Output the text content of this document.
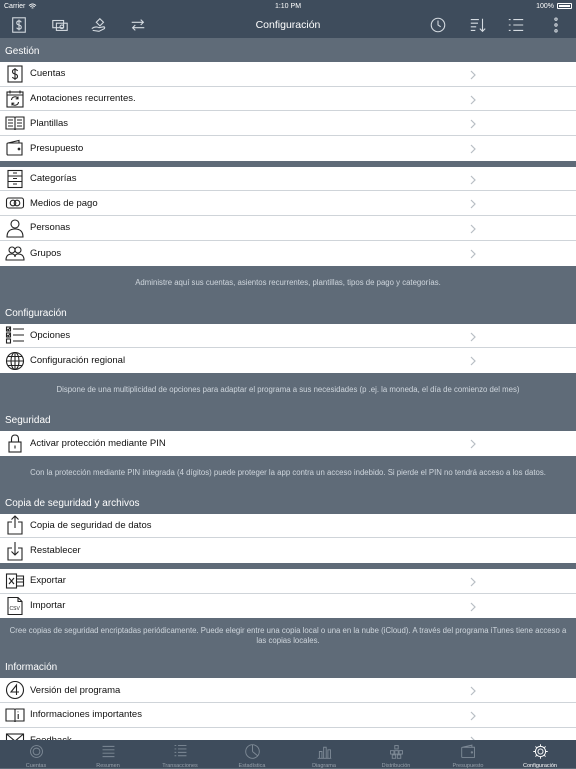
Carrier	1:10 PM	100%
Configuración
Gestión
Cuentas
Anotaciones recurrentes.
Plantillas
Presupuesto
Categorías
Medios de pago
Personas
Grupos
Administre aquí sus cuentas, asientos recurrentes, plantillas, tipos de pago y categorías.
Configuración
Opciones
Configuración regional
Dispone de una multiplicidad de opciones para adaptar el programa a sus necesidades (p .ej. la moneda, el día de comienzo del mes)
Seguridad
Activar protección mediante PIN
Con la protección mediante PIN integrada (4 dígitos) puede proteger la app contra un acceso indebido. Si pierde el PIN no tendrá acceso a los datos.
Copia de seguridad y archivos
Copia de seguridad de datos
Restablecer
Exportar
CSV Importar
Cree copias de seguridad encriptadas periódicamente. Puede elegir entre una copia local o una en la nube (iCloud). A través del programa iTunes tiene acceso a las copias locales.
Información
Versión del programa
Informaciones importantes
Cuentas	Resumen	Transacciones	Estadística	Diagrama	Distribución	Presupuesto	Configuración
